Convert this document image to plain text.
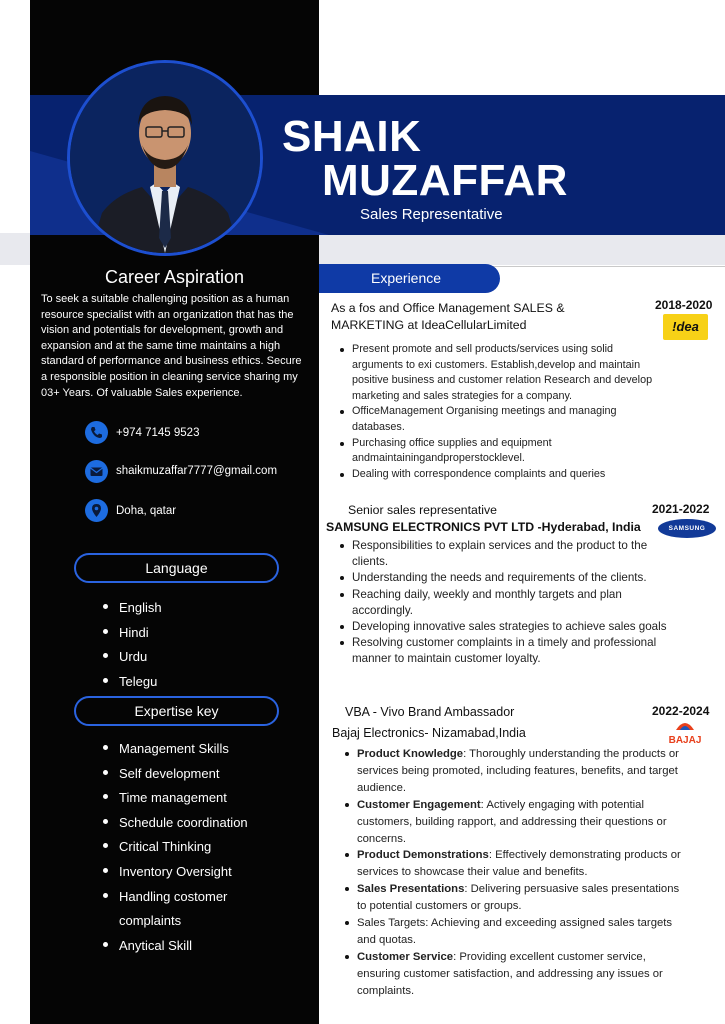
SHAIK
MUZAFFAR
Sales Representative
Career Aspiration
To seek a suitable challenging position as a human resource specialist with an organization that has the vision and potentials for development, growth and expansion and at the same time maintains a high standard of performance and business ethics. Secure a responsible position in cleaning service sharing my 03+ Years. Of valuable Sales experience.
+974 7145 9523
shaikmuzaffar7777@gmail.com
Doha, qatar
Language
English
Hindi
Urdu
Telegu
Expertise key
Management Skills
Self development
Time management
Schedule coordination
Critical Thinking
Inventory Oversight
Handling costomer complaints
Anytical Skill
Experience
As a fos and Office Management SALES &
MARKETING at IdeaCellularLimited
2018-2020
!dea
Present promote and sell products/services using solid arguments to exi customers. Establish,develop and maintain positive business and customer relation Research and develop marketing and sales strategies for a company.
OfficeManagement Organising meetings and managing databases.
Purchasing office supplies and equipment andmaintainingandproperstocklevel.
Dealing with correspondence complaints and queries
Senior sales representative	2021-2022
SAMSUNG ELECTRONICS PVT LTD -Hyderabad, India	SAMSUNG
Responsibilities to explain services and the product to the clients.
Understanding the needs and requirements of the clients.
Reaching daily, weekly and monthly targets and plan accordingly.
Developing innovative sales strategies to achieve sales goals
Resolving customer complaints in a timely and professional manner to maintain customer loyalty.
VBA - Vivo Brand Ambassador	2022-2024
Bajaj Electronics- Nizamabad,India
BAJAJ
Product Knowledge: Thoroughly understanding the products or services being promoted, including features, benefits, and target audience.
Customer Engagement: Actively engaging with potential customers, building rapport, and addressing their questions or concerns.
Product Demonstrations: Effectively demonstrating products or services to showcase their value and benefits.
Sales Presentations: Delivering persuasive sales presentations to potential customers or groups.
Sales Targets: Achieving and exceeding assigned sales targets and quotas.
Customer Service: Providing excellent customer service, ensuring customer satisfaction, and addressing any issues or complaints.
